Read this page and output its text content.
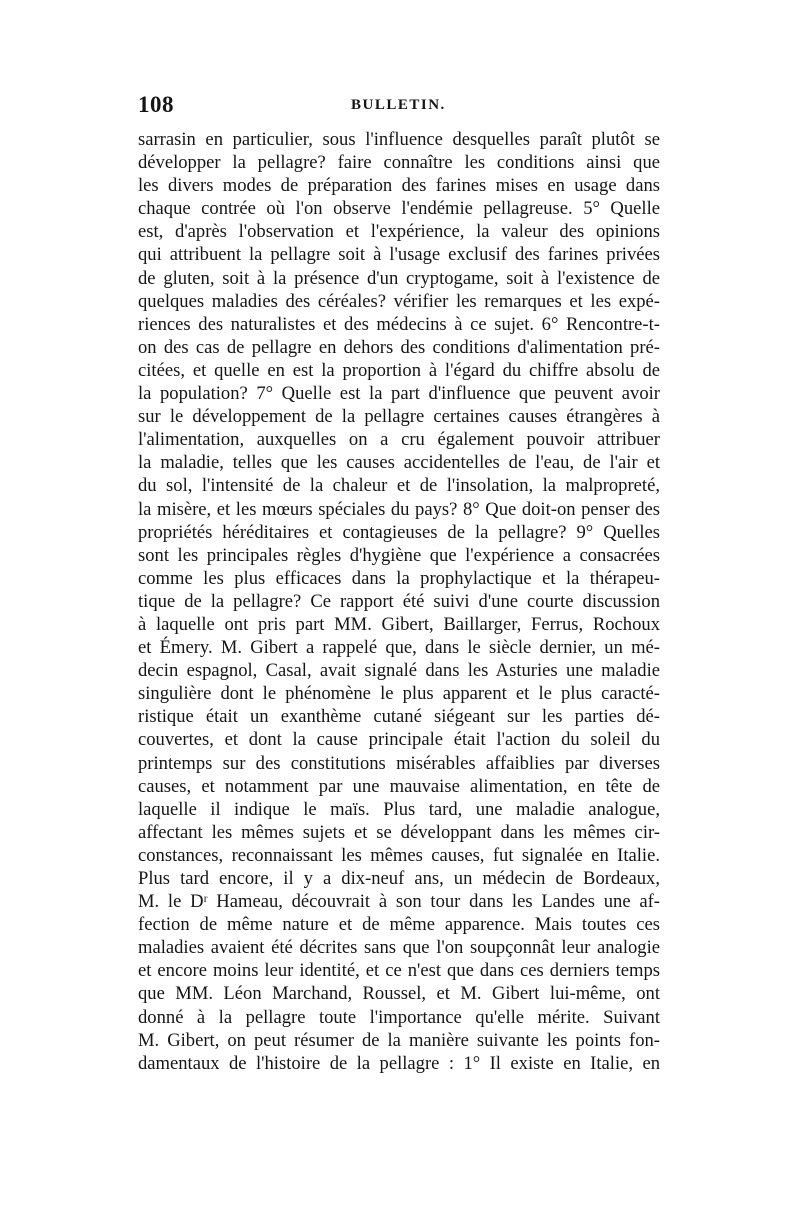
108	BULLETIN.
sarrasin en particulier, sous l'influence desquelles paraît plutôt se
développer la pellagre? faire connaître les conditions ainsi que
les divers modes de préparation des farines mises en usage dans
chaque contrée où l'on observe l'endémie pellagreuse. 5° Quelle
est, d'après l'observation et l'expérience, la valeur des opinions
qui attribuent la pellagre soit à l'usage exclusif des farines privées
de gluten, soit à la présence d'un cryptogame, soit à l'existence de
quelques maladies des céréales? vérifier les remarques et les expé-
riences des naturalistes et des médecins à ce sujet. 6° Rencontre-t-
on des cas de pellagre en dehors des conditions d'alimentation pré-
citées, et quelle en est la proportion à l'égard du chiffre absolu de
la population? 7° Quelle est la part d'influence que peuvent avoir
sur le développement de la pellagre certaines causes étrangères à
l'alimentation, auxquelles on a cru également pouvoir attribuer
la maladie, telles que les causes accidentelles de l'eau, de l'air et
du sol, l'intensité de la chaleur et de l'insolation, la malpropreté,
la misère, et les mœurs spéciales du pays? 8° Que doit-on penser des
propriétés héréditaires et contagieuses de la pellagre? 9° Quelles
sont les principales règles d'hygiène que l'expérience a consacrées
comme les plus efficaces dans la prophylactique et la thérapeu-
tique de la pellagre? Ce rapport été suivi d'une courte discussion
à laquelle ont pris part MM. Gibert, Baillarger, Ferrus, Rochoux
et Émery. M. Gibert a rappelé que, dans le siècle dernier, un mé-
decin espagnol, Casal, avait signalé dans les Asturies une maladie
singulière dont le phénomène le plus apparent et le plus caracté-
ristique était un exanthème cutané siégeant sur les parties dé-
couvertes, et dont la cause principale était l'action du soleil du
printemps sur des constitutions misérables affaiblies par diverses
causes, et notamment par une mauvaise alimentation, en tête de
laquelle il indique le maïs. Plus tard, une maladie analogue,
affectant les mêmes sujets et se développant dans les mêmes cir-
constances, reconnaissant les mêmes causes, fut signalée en Italie.
Plus tard encore, il y a dix-neuf ans, un médecin de Bordeaux,
M. le Dʳ Hameau, découvrait à son tour dans les Landes une af-
fection de même nature et de même apparence. Mais toutes ces
maladies avaient été décrites sans que l'on soupçonnât leur analogie
et encore moins leur identité, et ce n'est que dans ces derniers temps
que MM. Léon Marchand, Roussel, et M. Gibert lui-même, ont
donné à la pellagre toute l'importance qu'elle mérite. Suivant
M. Gibert, on peut résumer de la manière suivante les points fon-
damentaux de l'histoire de la pellagre : 1° Il existe en Italie, en
